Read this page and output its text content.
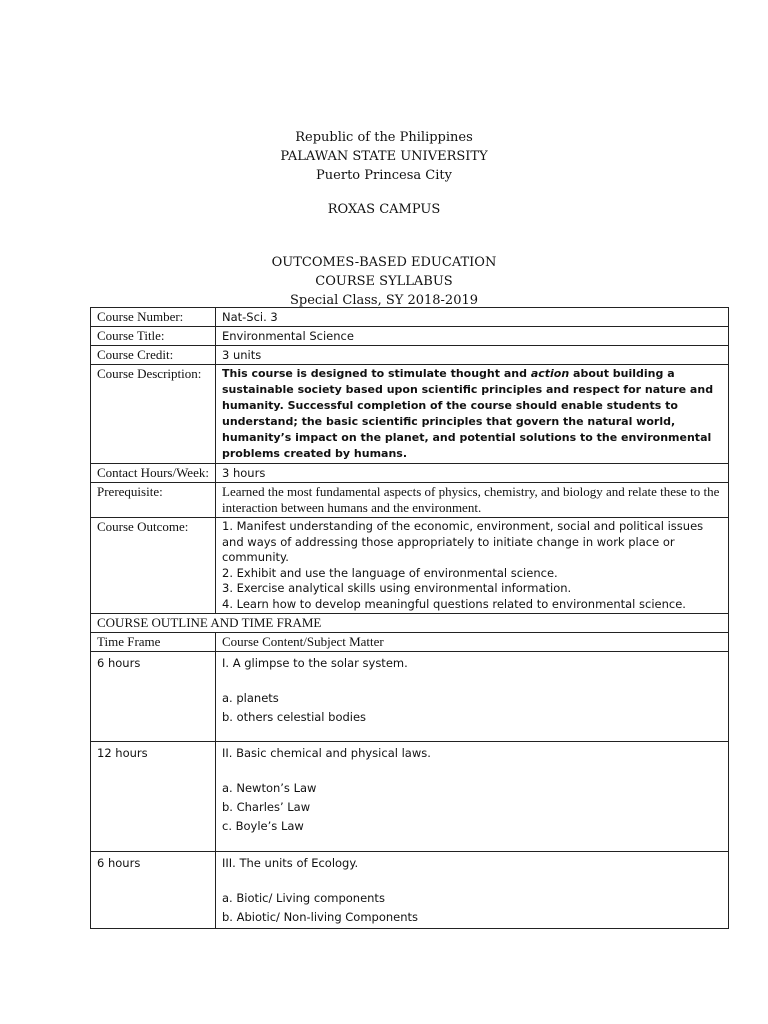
Republic of the Philippines

PALAWAN STATE UNIVERSITY

Puerto Princesa City

ROXAS CAMPUS

OUTCOMES-BASED EDUCATION

COURSE SYLLABUS

Special Class, SY 2018-2019

Course Number:	Nat-Sci. 3
Course Title:	Environmental Science
Course Credit:	3 units
Course Description:	This course is designed to stimulate thought and action about building a sustainable society based upon scientific principles and respect for nature and humanity. Successful completion of the course should enable students to understand; the basic scientific principles that govern the natural world, humanity’s impact on the planet, and potential solutions to the environmental problems created by humans.
Contact Hours/Week:	3 hours
Prerequisite:	Learned the most fundamental aspects of physics, chemistry, and biology and relate these to the interaction between humans and the environment.
Course Outcome:	1. Manifest understanding of the economic, environment, social and political issues and ways of addressing those appropriately to initiate change in work place or community.
2. Exhibit and use the language of environmental science.
3. Exercise analytical skills using environmental information.
4. Learn how to develop meaningful questions related to environmental science.

COURSE OUTLINE AND TIME FRAME	
Time Frame	Course Content/Subject Matter
6 hours	I. A glimpse to the solar system.

a. planets

b. others celestial bodies

12 hours	II. Basic chemical and physical laws.

a. Newton’s Law

b. Charles’ Law

c. Boyle’s Law

6 hours	III. The units of Ecology.

a. Biotic/ Living components

b. Abiotic/ Non-living Components
